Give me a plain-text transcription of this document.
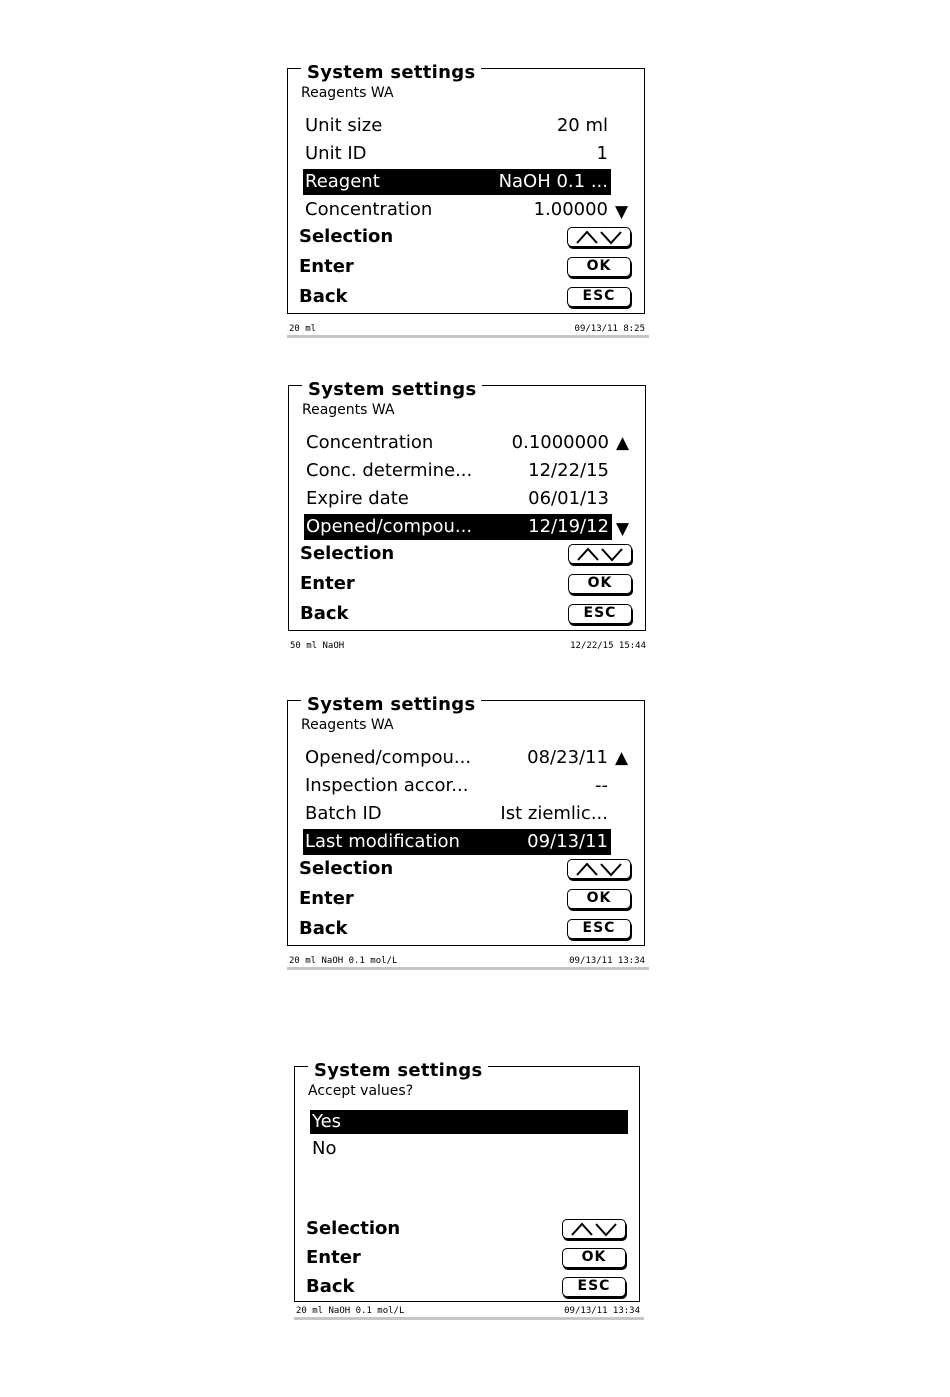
System settings
Reagents WA
Unit size	20 ml
Unit ID	1
Reagent	NaOH 0.1 ...
Concentration	1.00000 ▼
Selection
Enter	OK
Back	ESC
20 ml	09/13/11 8:25
System settings
Reagents WA
Concentration	0.1000000 ▲
Conc. determine...	12/22/15
Expire date	06/01/13
Opened/compou...	12/19/12 ▼
Selection
Enter	OK
Back	ESC
50 ml NaOH	12/22/15 15:44
System settings
Reagents WA
Opened/compou...	08/23/11 ▲
Inspection accor...	--
Batch ID	Ist ziemlic...
Last modification	09/13/11
Selection
Enter	OK
Back	ESC
20 ml NaOH 0.1 mol/L	09/13/11 13:34
System settings
Accept values?
Yes
No
Selection
Enter	OK
Back	ESC
20 ml NaOH 0.1 mol/L	09/13/11 13:34
